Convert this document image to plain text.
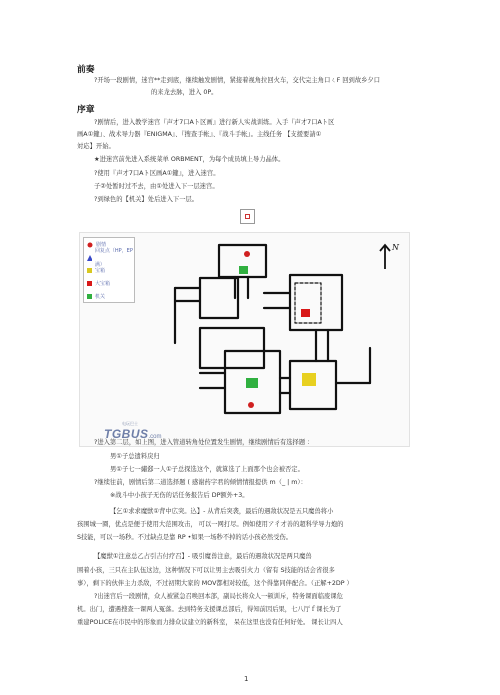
前奏
?开场一段剧情，迷宫**走到底，继续触发剧情，紧接着视角拉回火车，交代完主角口ㄑF 回到故乡夕口
的来龙去脉，进入 0P。
序章
?剧情后，进入教学迷宫『声才7口Aト区画』进行新人实战训练。入手『声才7口Aト区
画A①鍵』、战术导力器『ENIGMA』、『搜查手帐』、『战斗手帐』。主线任务 【支援要請①
対応】开始。
★进迷宫前先进入系统菜单 ORBMENT，为每个成员填上导力晶体。
?使用『声才7口Aト区画A①鍵』，进入迷宫。
子②处暂时过不去，由①处进入下一层迷宫。
?到绿色的【机关】处后进入下一层。
剧情
回复点（HP，EP满）
宝箱
大宝箱
机关
N
电玩巴士
TGBUS .com
?进入第二层，如上图，进入管道转角处位置发生剧情，继续剧情后有选择题 ：
男①子总遗料戾归
男①子七一繡郄一人①子总探选这个，就算选了上面那个也会被否定。
?继续往前，剧情后第二道选择题 ( 感谢药字君的倾情情报提供 m（_ | m）：
※战斗中小孩子无伤的话任务报告后 DP额外+3。
【乞①求求魔獣①背中広突。込】- 从背后突袭，最后的遇敌状况是五只魔兽将小
孩围城一圈，优点是便于使用大范围攻击， 可以一网打尽。例如使用ア彳才善的超科学导力炮的
S技能，可以一场秒。不过缺点是靠 RP •如果一场秒不掉的话小孩必然受伤。
【魔獣①注意总乙占引吉付疗召】- 吸引魔兽注意，最后的遇敌状况是两只魔兽
围着小孩，三只在主队伍这边，这种情况下可以让男主去吸引火力（留有 S技能的话会省很多
事），剩下的伙伴主力杀敌，不过初期大家的 MOV都相对较低，这个得靠同伴配合。（正解+2DP ）
?出迷宫后一段剧情，众人被紧急召唤回本部，副局长将众人一顿训斥，特务课面临废课危
机。出门，遭遇搜查一课两人冤落。去到特务支援课总部后，得知前因后果，七八厅ｆ课长为了
重建POLICE在市民中的形象而力排众议建立的新科室， 呆在这里也没有任何好处。 课长让四人
1
